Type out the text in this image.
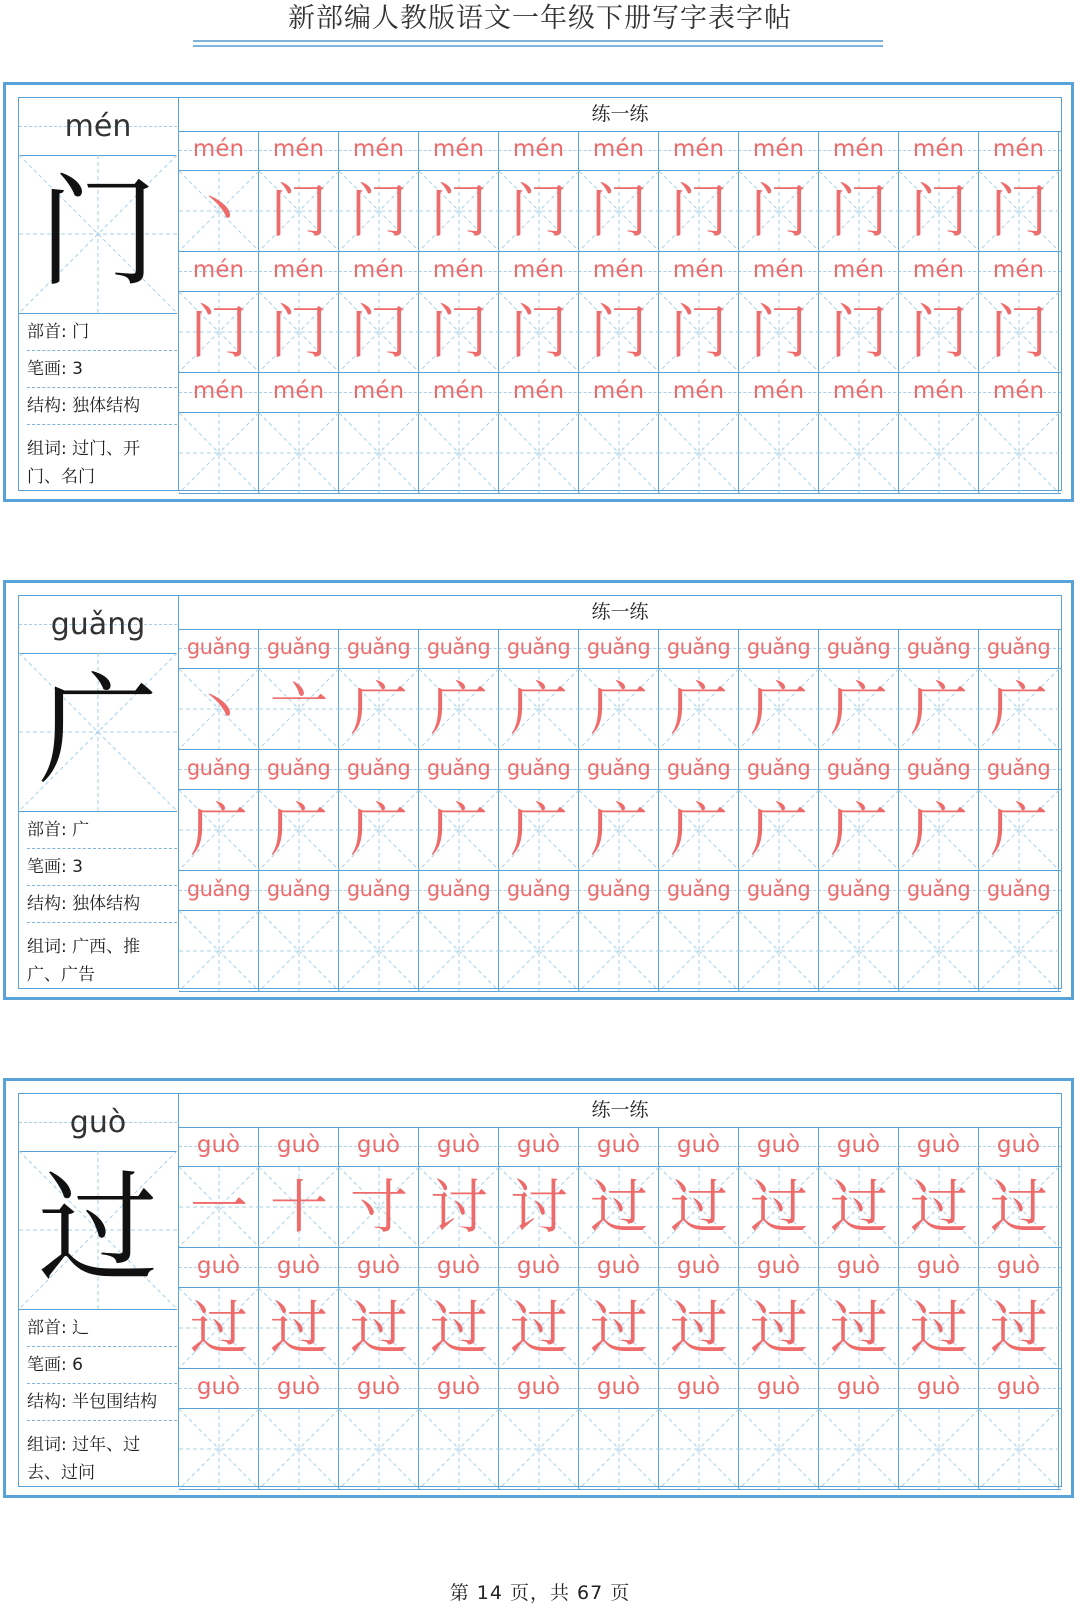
新部编人教版语文一年级下册写字表字帖
mén
门
部首: 门
笔画: 3
结构: 独体结构
组词: 过门、开
门、名门
练一练
mén	mén	mén	mén	mén	mén	mén	mén	mén	mén	mén
丶 门 门 门 门 门 门 门 门 门 门
mén	mén	mén	mén	mén	mén	mén	mén	mén	mén	mén
门 门 门 门 门 门 门 门 门 门 门
mén	mén	mén	mén	mén	mén	mén	mén	mén	mén	mén
guǎng
广
部首: 广
笔画: 3
结构: 独体结构
组词: 广西、推
广、广告
练一练
guǎng guǎng guǎng guǎng guǎng guǎng guǎng guǎng guǎng guǎng guǎng
丶 亠 广 广 广 广 广 广 广 广 广
guǎng guǎng guǎng guǎng guǎng guǎng guǎng guǎng guǎng guǎng guǎng
广 广 广 广 广 广 广 广 广 广 广
guǎng guǎng guǎng guǎng guǎng guǎng guǎng guǎng guǎng guǎng guǎng
guò
过
部首: 辶
笔画: 6
结构: 半包围结构
组词: 过年、过
去、过问
练一练
guò	guò	guò	guò	guò	guò	guò	guò	guò	guò	guò
一 十 寸 讨 讨 过 过 过 过 过 过
guò	guò	guò	guò	guò	guò	guò	guò	guò	guò	guò
过 过 过 过 过 过 过 过 过 过 过
guò	guò	guò	guò	guò	guò	guò	guò	guò	guò	guò
第 14 页，共 67 页
